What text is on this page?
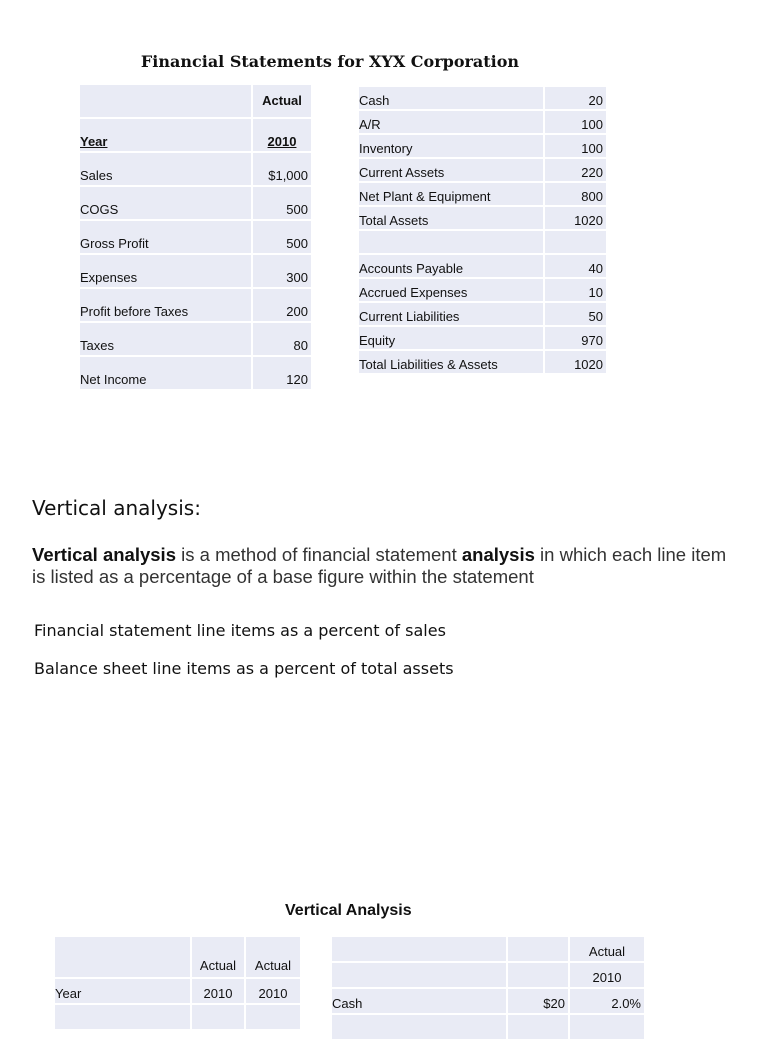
Financial Statements for XYX Corporation
	Actual
Year	2010
Sales	$1,000
COGS	500
Gross Profit	500
Expenses	300
Profit before Taxes	200
Taxes	80
Net Income	120
Cash	20
A/R	100
Inventory	100
Current Assets	220
Net Plant & Equipment	800
Total Assets	1020

Accounts Payable	40
Accrued Expenses	10
Current Liabilities	50
Equity	970
Total Liabilities & Assets	1020
Vertical analysis:
Vertical analysis is a method of financial statement analysis in which each line item is listed as a percentage of a base figure within the statement
Financial statement line items as a percent of sales
Balance sheet line items as a percent of total assets
Vertical Analysis
	Actual	Actual
Year	2010	2010

		Actual
		2010
Cash	$20	2.0%
